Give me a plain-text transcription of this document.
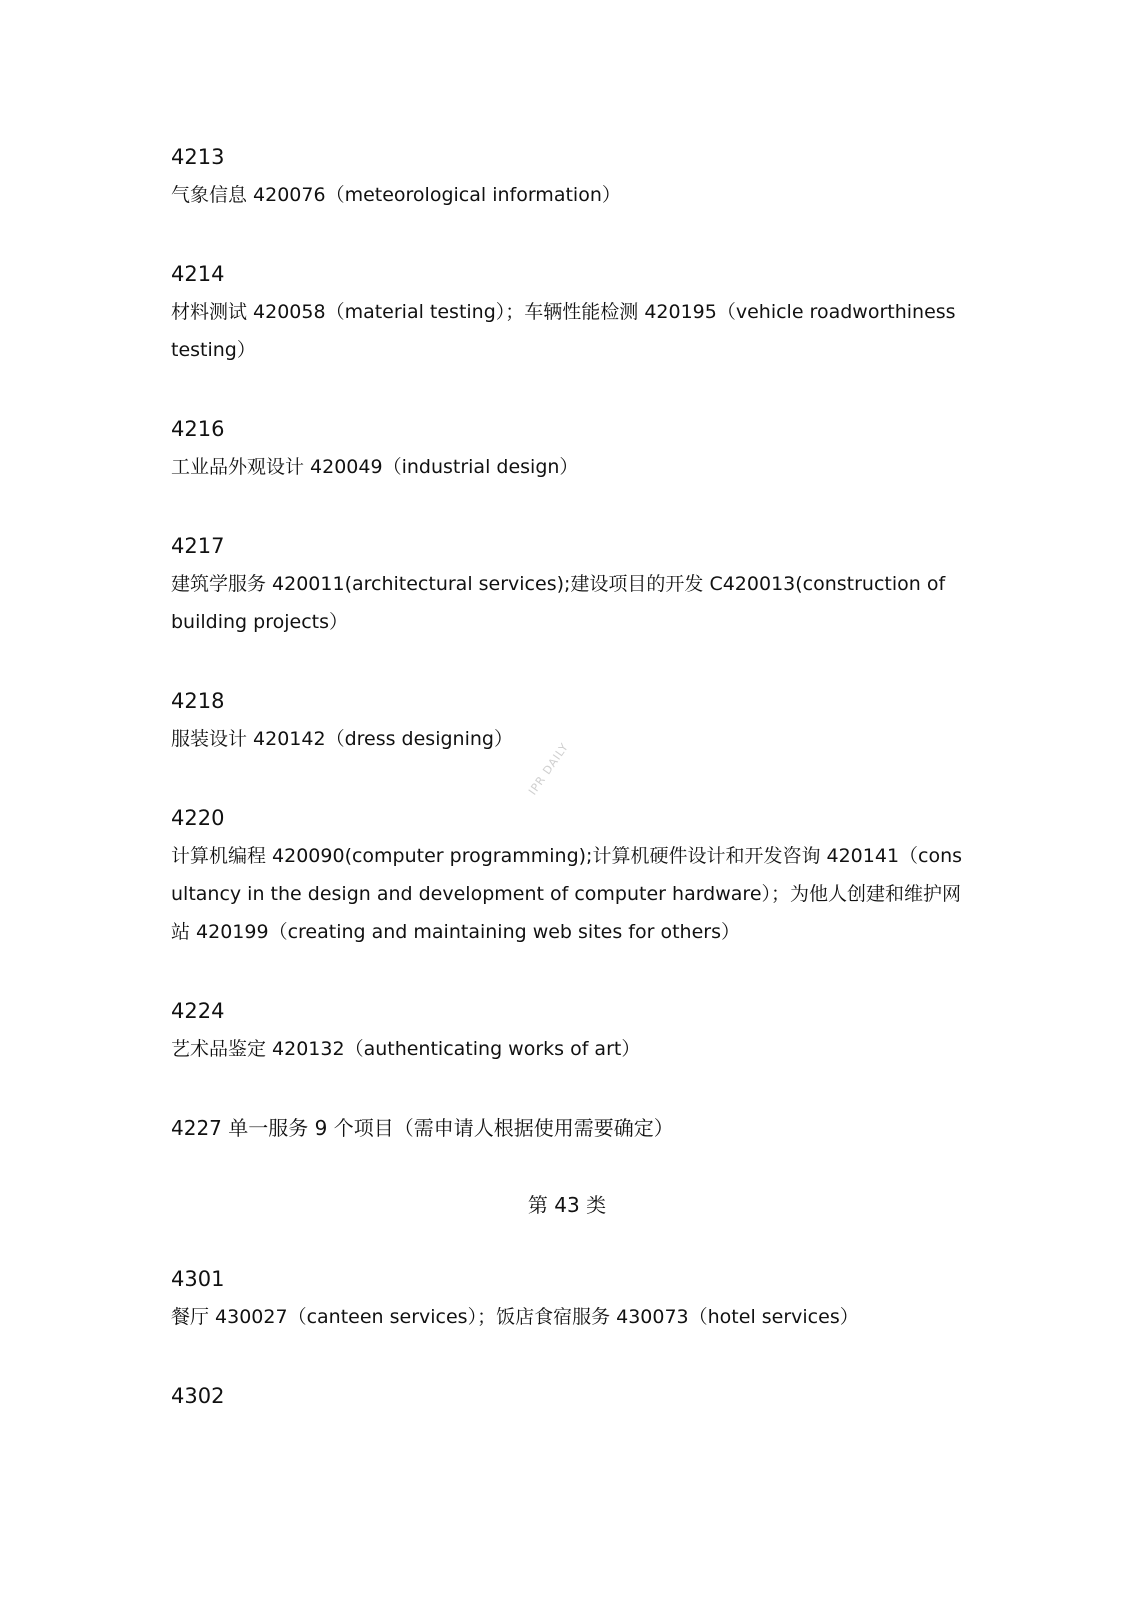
4213
气象信息 420076（meteorological information）
4214
材料测试 420058（material testing）；车辆性能检测 420195（vehicle roadworthiness testing）
4216
工业品外观设计 420049（industrial design）
4217
建筑学服务 420011(architectural services);建设项目的开发 C420013(construction of building projects）
4218
服装设计 420142（dress designing）
4220
计算机编程 420090(computer programming);计算机硬件设计和开发咨询 420141（consultancy in the design and development of computer hardware）；为他人创建和维护网站 420199（creating and maintaining web sites for others）
4224
艺术品鉴定 420132（authenticating works of art）
4227 单一服务 9 个项目（需申请人根据使用需要确定）
第 43 类
4301
餐厅 430027（canteen services）；饭店食宿服务 430073（hotel services）
4302
IPR DAILY
